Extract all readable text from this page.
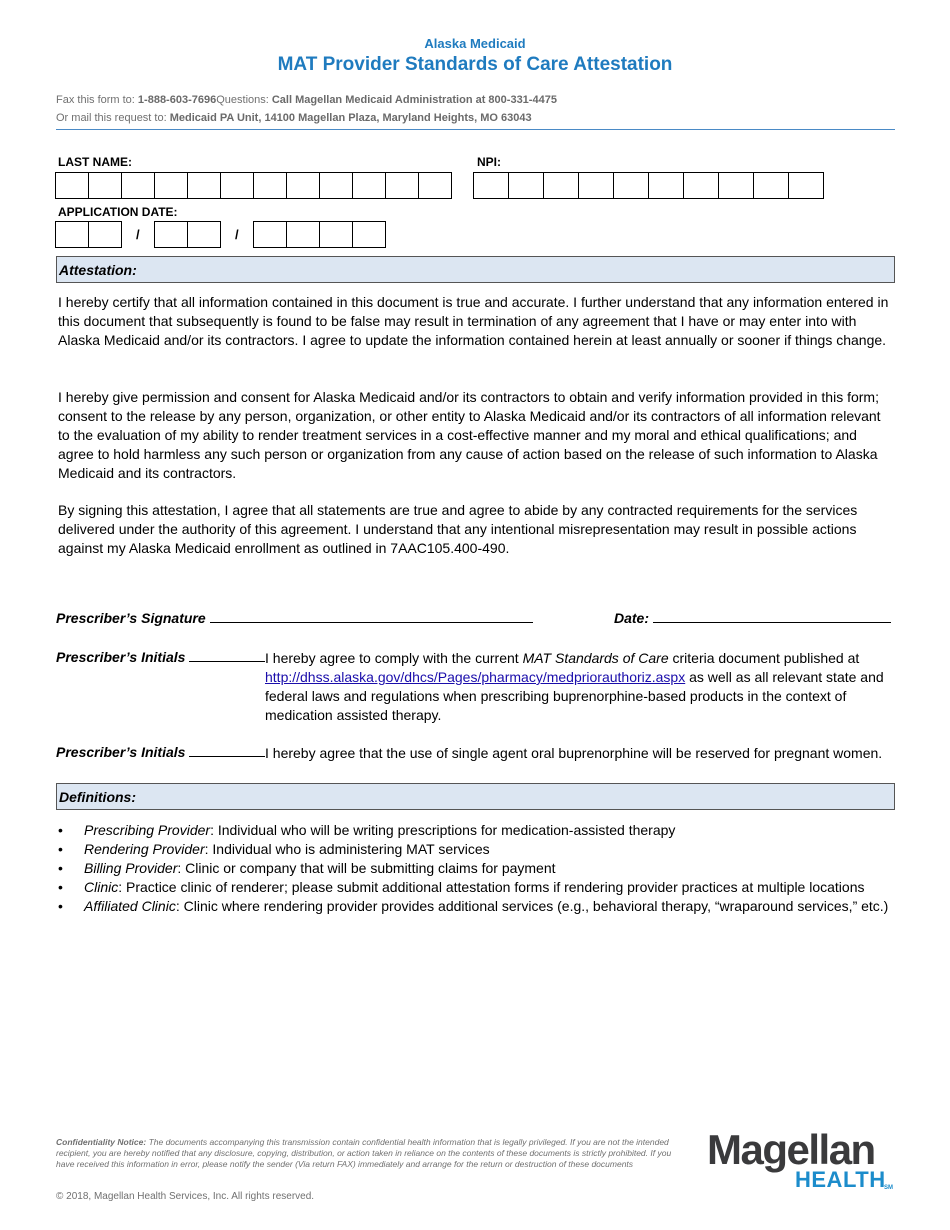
Alaska Medicaid
MAT Provider Standards of Care Attestation
Fax this form to: 1-888-603-7696Questions: Call Magellan Medicaid Administration at 800-331-4475
Or mail this request to: Medicaid PA Unit, 14100 Magellan Plaza, Maryland Heights, MO 63043
LAST NAME:	NPI:
APPLICATION DATE:
/	/
Attestation:
I hereby certify that all information contained in this document is true and accurate. I further understand that any information entered in this document that subsequently is found to be false may result in termination of any agreement that I have or may enter into with Alaska Medicaid and/or its contractors. I agree to update the information contained herein at least annually or sooner if things change.
I hereby give permission and consent for Alaska Medicaid and/or its contractors to obtain and verify information provided in this form; consent to the release by any person, organization, or other entity to Alaska Medicaid and/or its contractors of all information relevant to the evaluation of my ability to render treatment services in a cost-effective manner and my moral and ethical qualifications; and agree to hold harmless any such person or organization from any cause of action based on the release of such information to Alaska Medicaid and its contractors.
By signing this attestation, I agree that all statements are true and agree to abide by any contracted requirements for the services delivered under the authority of this agreement. I understand that any intentional misrepresentation may result in possible actions against my Alaska Medicaid enrollment as outlined in 7AAC105.400-490.
Prescriber’s Signature	Date:
Prescriber’s Initials	I hereby agree to comply with the current MAT Standards of Care criteria document published at http://dhss.alaska.gov/dhcs/Pages/pharmacy/medpriorauthoriz.aspx as well as all relevant state and federal laws and regulations when prescribing buprenorphine-based products in the context of medication assisted therapy.
Prescriber’s Initials	I hereby agree that the use of single agent oral buprenorphine will be reserved for pregnant women.
Definitions:
• Prescribing Provider: Individual who will be writing prescriptions for medication-assisted therapy
• Rendering Provider: Individual who is administering MAT services
• Billing Provider: Clinic or company that will be submitting claims for payment
• Clinic: Practice clinic of renderer; please submit additional attestation forms if rendering provider practices at multiple locations
• Affiliated Clinic: Clinic where rendering provider provides additional services (e.g., behavioral therapy, “wraparound services,” etc.)
Confidentiality Notice: The documents accompanying this transmission contain confidential health information that is legally privileged. If you are not the intended recipient, you are hereby notified that any disclosure, copying, distribution, or action taken in reliance on the contents of these documents is strictly prohibited. If you have received this information in error, please notify the sender (Via return FAX) immediately and arrange for the return or destruction of these documents
© 2018, Magellan Health Services, Inc. All rights reserved.
Magellan
HEALTH
SM
